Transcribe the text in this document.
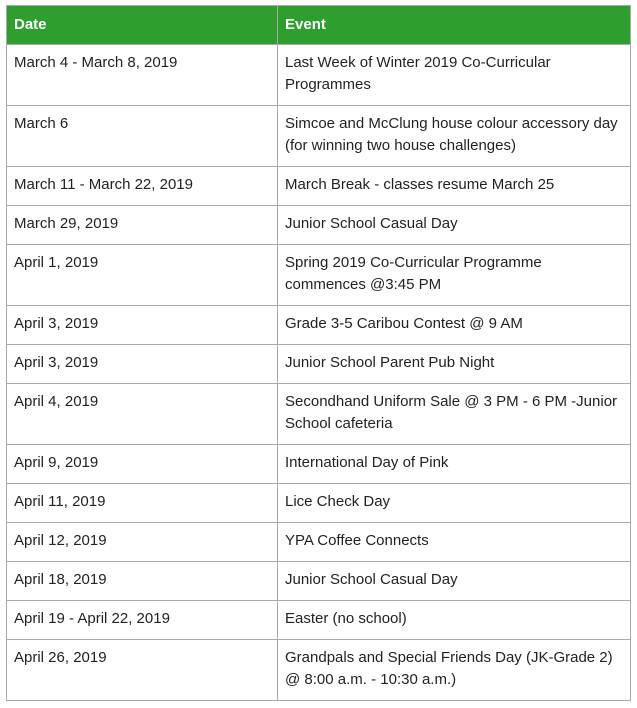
Date	Event
March 4 - March 8, 2019	Last Week of Winter 2019 Co-Curricular Programmes
March 6	Simcoe and McClung house colour accessory day (for winning two house challenges)
March 11 - March 22, 2019	March Break - classes resume March 25
March 29, 2019	Junior School Casual Day
April 1, 2019	Spring 2019 Co-Curricular Programme commences @3:45 PM
April 3, 2019	Grade 3-5 Caribou Contest @ 9 AM
April 3, 2019	Junior School Parent Pub Night
April 4, 2019	Secondhand Uniform Sale @ 3 PM - 6 PM -Junior School cafeteria
April 9, 2019	International Day of Pink
April 11, 2019	Lice Check Day
April 12, 2019	YPA Coffee Connects
April 18, 2019	Junior School Casual Day
April 19 - April 22, 2019	Easter (no school)
April 26, 2019	Grandpals and Special Friends Day (JK-Grade 2) @ 8:00 a.m. - 10:30 a.m.)
